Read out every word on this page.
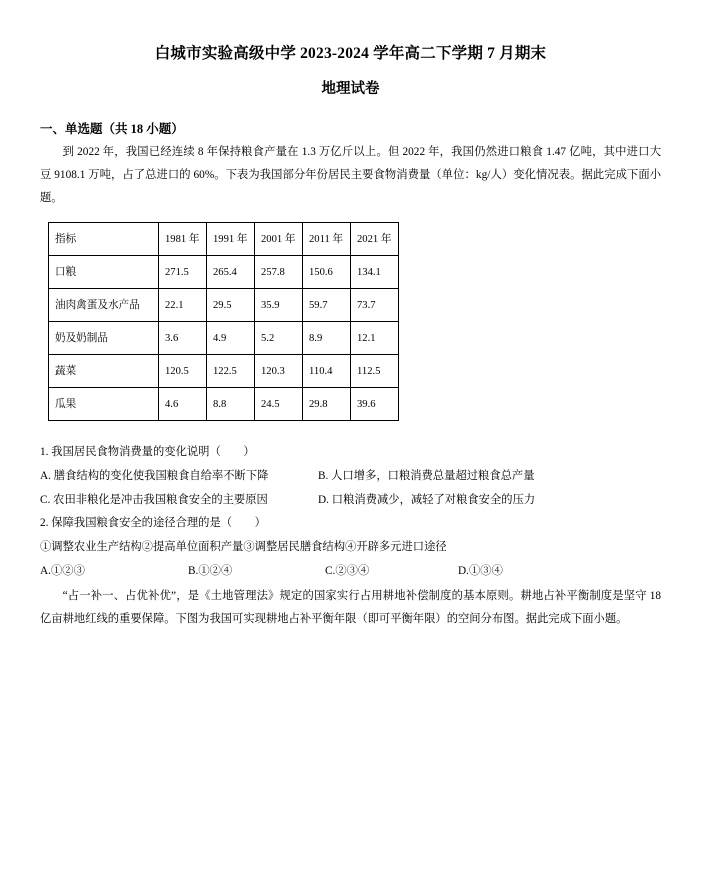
白城市实验高级中学 2023-2024 学年高二下学期 7 月期末
地理试卷
一、单选题（共 18 小题）

到 2022 年，我国已经连续 8 年保持粮食产量在 1.3 万亿斤以上。但 2022 年，我国仍然进口粮食 1.47 亿吨，其中进口大豆 9108.1 万吨，占了总进口的 60%。下表为我国部分年份居民主要食物消费量（单位：kg/人）变化情况表。据此完成下面小题。

指标	1981 年	1991 年	2001 年	2011 年	2021 年
口粮	271.5	265.4	257.8	150.6	134.1
油肉禽蛋及水产品	22.1	29.5	35.9	59.7	73.7
奶及奶制品	3.6	4.9	5.2	8.9	12.1
蔬菜	120.5	122.5	120.3	110.4	112.5
瓜果	4.6	8.8	24.5	29.8	39.6
1. 我国居民食物消费量的变化说明（　　）
A. 膳食结构的变化使我国粮食自给率不断下降	B. 人口增多，口粮消费总量超过粮食总产量
C. 农田非粮化是冲击我国粮食安全的主要原因	D. 口粮消费减少，减轻了对粮食安全的压力
2. 保障我国粮食安全的途径合理的是（　　）
①调整农业生产结构②提高单位面积产量③调整居民膳食结构④开辟多元进口途径
A.①②③	B.①②④	C.②③④	D.①③④

“占一补一、占优补优”，是《土地管理法》规定的国家实行占用耕地补偿制度的基本原则。耕地占补平衡制度是坚守 18 亿亩耕地红线的重要保障。下图为我国可实现耕地占补平衡年限（即可平衡年限）的空间分布图。据此完成下面小题。
